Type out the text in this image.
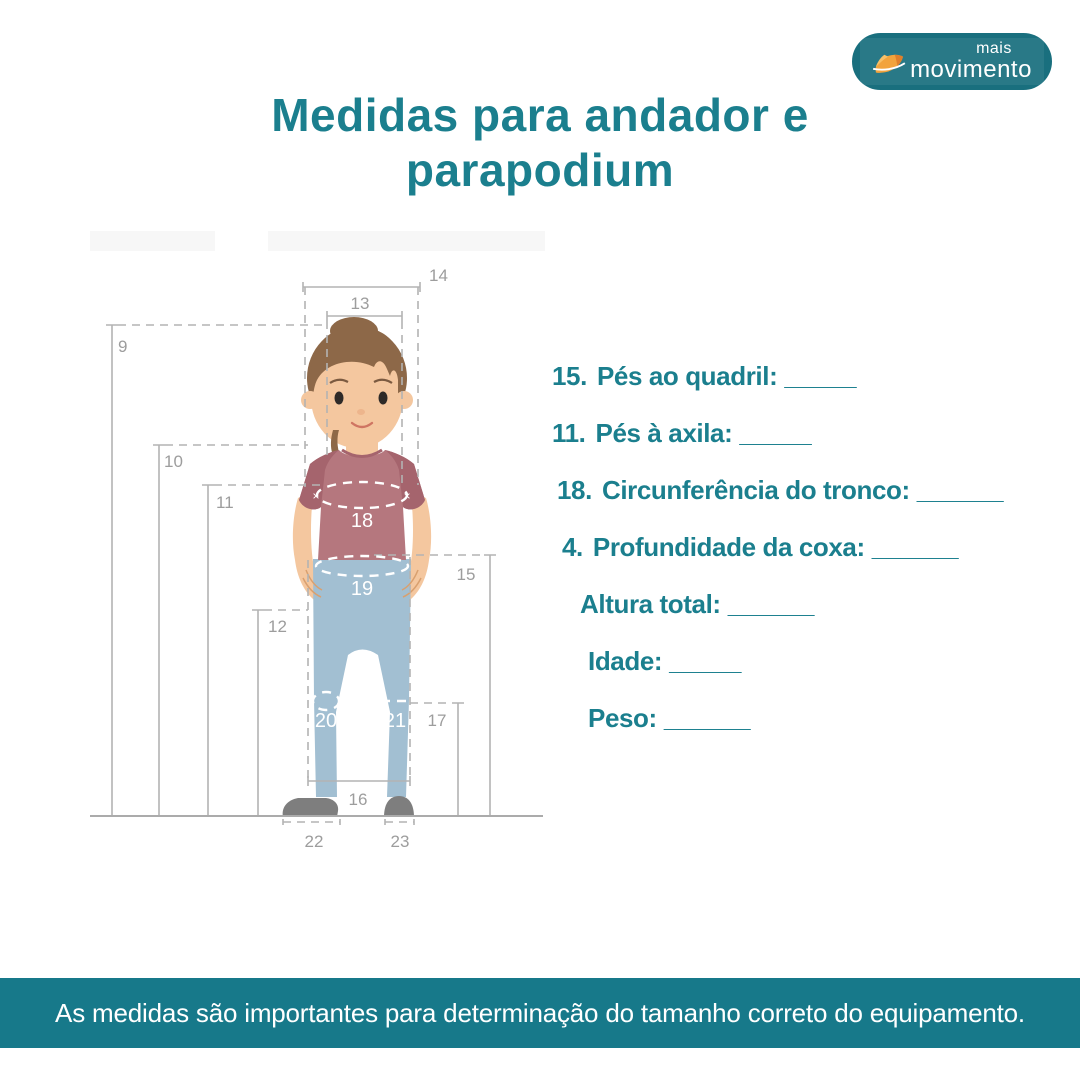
mais
movimento
Medidas para andador e
parapodium
9
10
11
12
13
14
15
16
17
22	23
18
19
20 21
×	×
15. Pés ao quadril: _____
11. Pés à axila: _____
18. Circunferência do tronco: ______
4. Profundidade da coxa: ______
Altura total: ______
Idade: _____
Peso: ______
As medidas são importantes para determinação do tamanho correto do equipamento.
